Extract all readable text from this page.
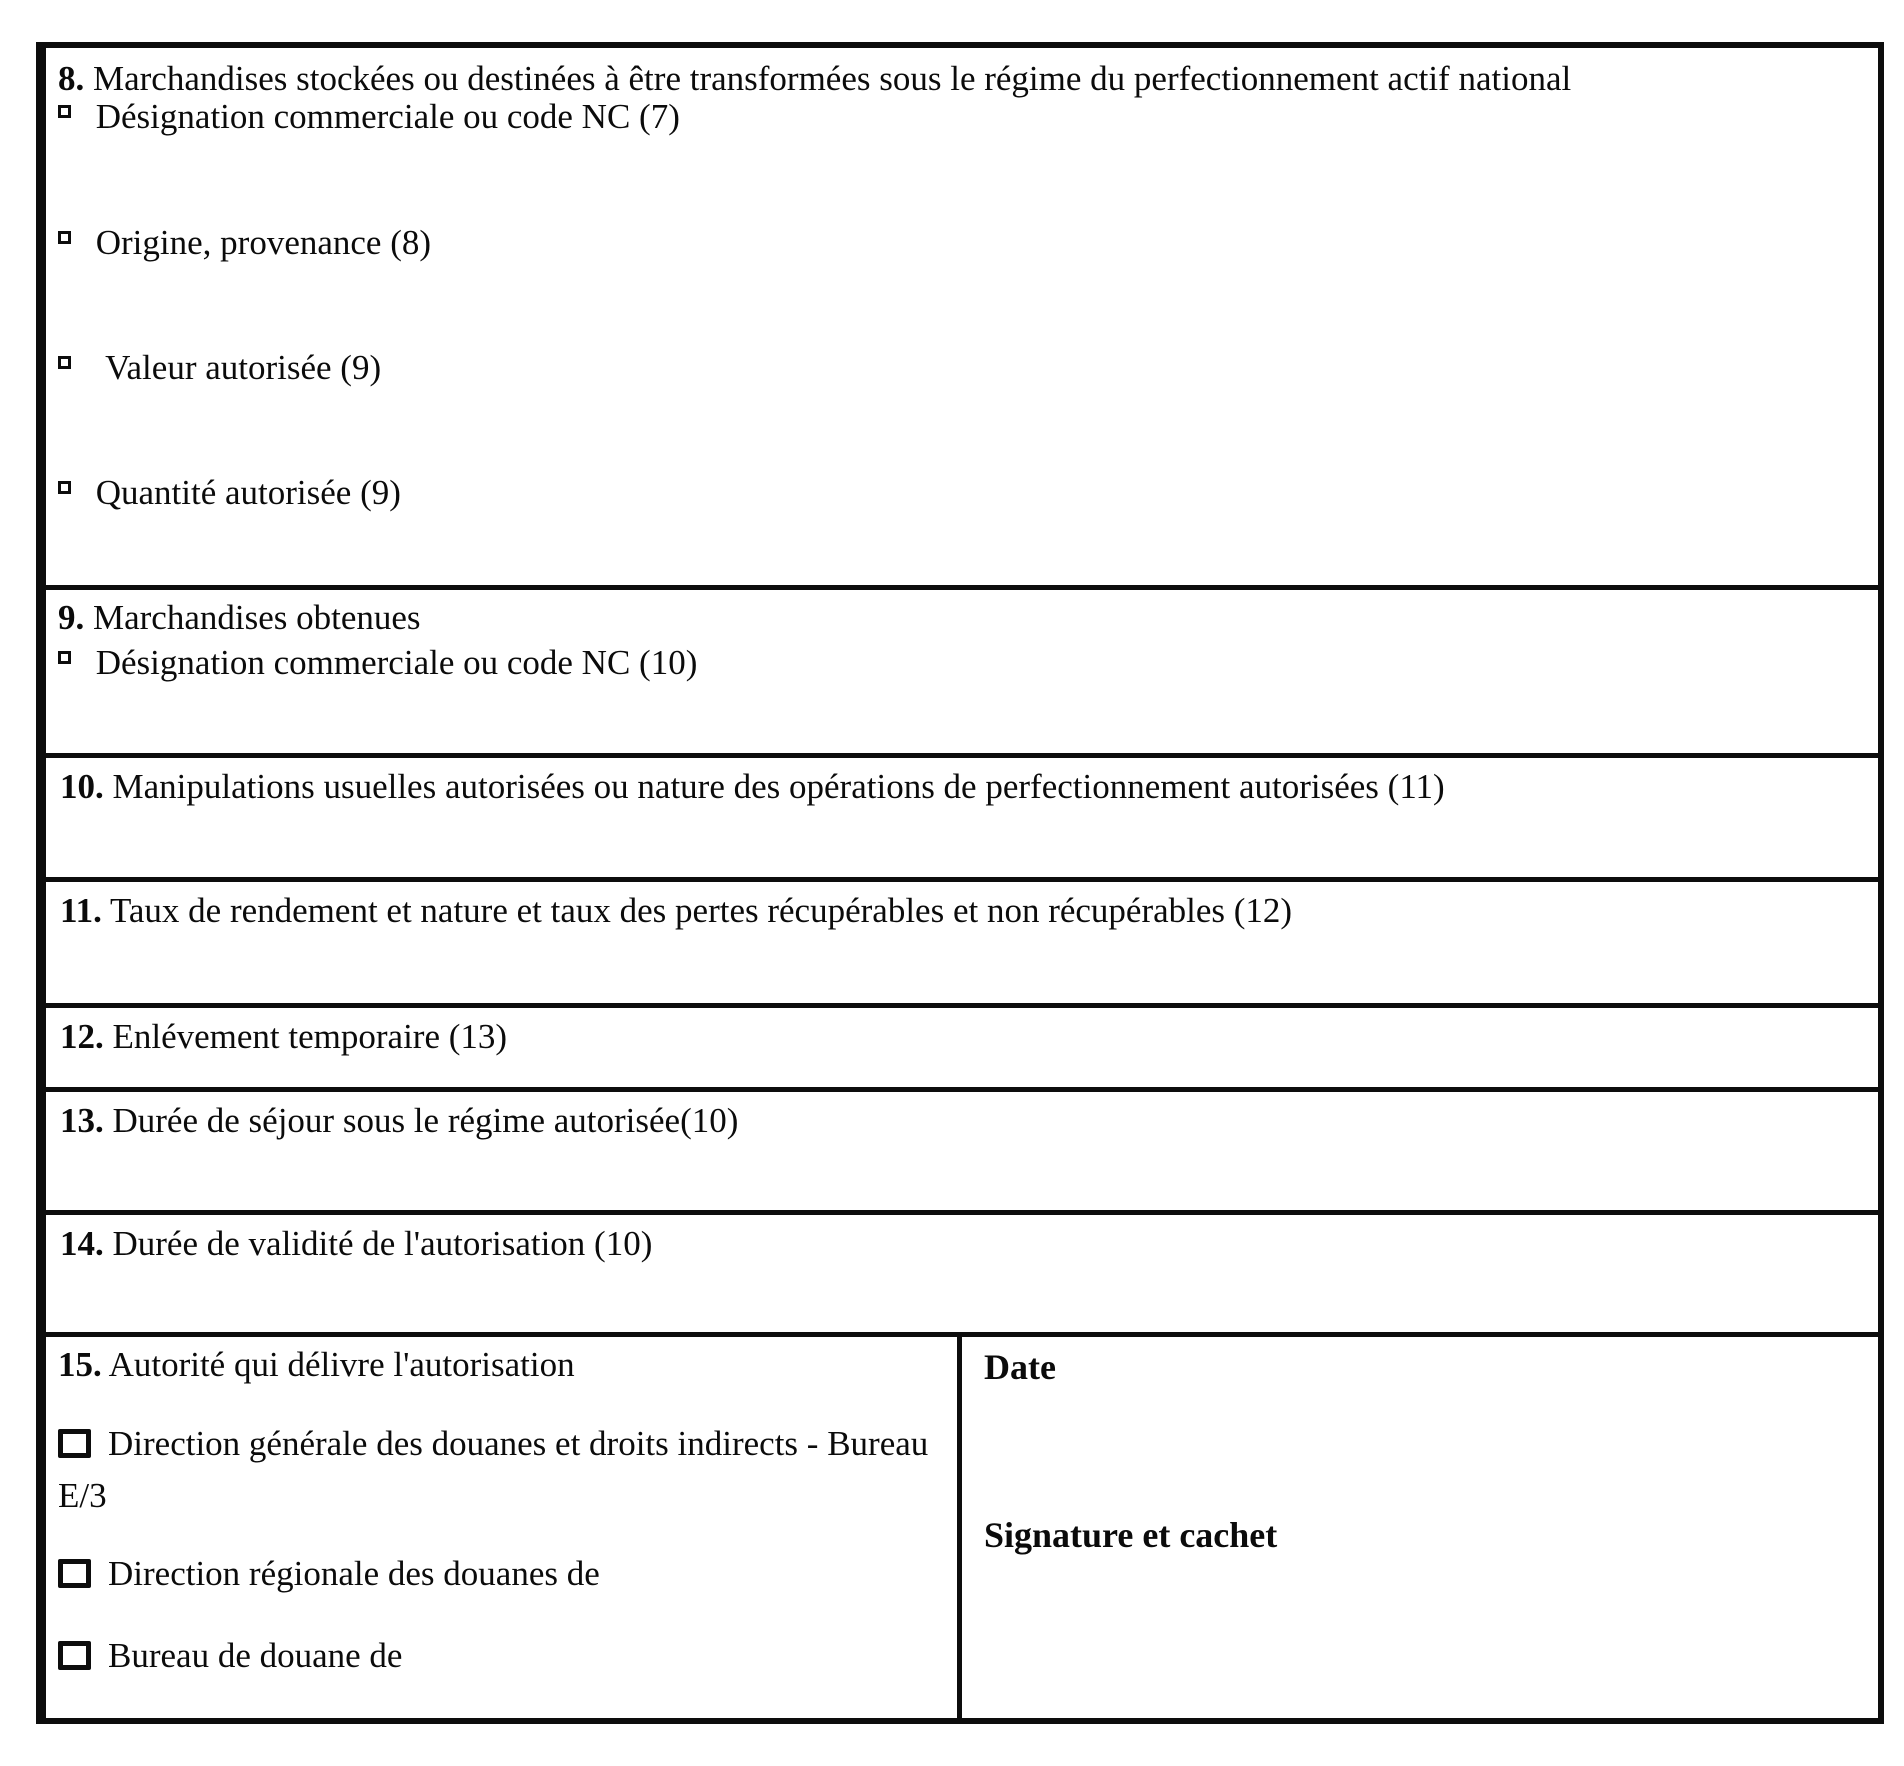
8. Marchandises stockées ou destinées à être transformées sous le régime du perfectionnement actif national
Désignation commerciale ou code NC (7)
Origine, provenance (8)
Valeur autorisée (9)
Quantité autorisée (9)
9. Marchandises obtenues
Désignation commerciale ou code NC (10)
10. Manipulations usuelles autorisées ou nature des opérations de perfectionnement autorisées (11)
11. Taux de rendement et nature et taux des pertes récupérables et non récupérables (12)
12. Enlévement temporaire (13)
13. Durée de séjour sous le régime autorisée(10)
14. Durée de validité de l'autorisation (10)
15. Autorité qui délivre l'autorisation
Direction générale des douanes et droits indirects - Bureau E/3
Direction régionale des douanes de
Bureau de douane de
Date
Signature et cachet
